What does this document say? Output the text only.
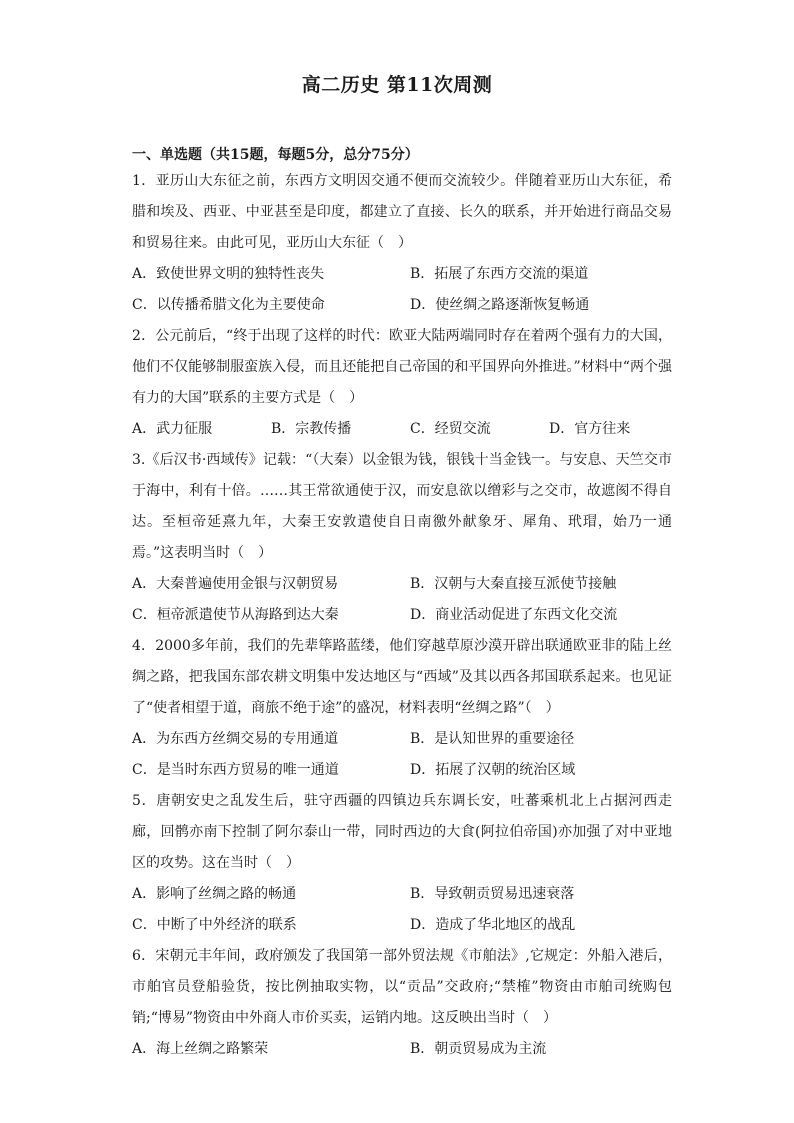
高二历史 第11次周测
一、单选题（共15题，每题5分，总分75分）

1．亚历山大东征之前，东西方文明因交通不便而交流较少。伴随着亚历山大东征，希腊和埃及、西亚、中亚甚至是印度，都建立了直接、长久的联系，并开始进行商品交易和贸易往来。由此可见，亚历山大东征（　）

A．致使世界文明的独特性丧失	B．拓展了东西方交流的渠道
C．以传播希腊文化为主要使命	D．使丝绸之路逐渐恢复畅通

2．公元前后，“终于出现了这样的时代：欧亚大陆两端同时存在着两个强有力的大国，他们不仅能够制服蛮族入侵，而且还能把自己帝国的和平国界向外推进。”材料中“两个强有力的大国”联系的主要方式是（　）

A．武力征服	B．宗教传播	C．经贸交流	D．官方往来

3.《后汉书·西域传》记载：“（大秦）以金银为钱，银钱十当金钱一。与安息、天竺交市于海中，利有十倍。……其王常欲通使于汉，而安息欲以缯彩与之交市，故遮阂不得自达。至桓帝延熹九年，大秦王安敦遣使自日南徼外献象牙、犀角、玳瑁，始乃一通焉。”这表明当时（　）

A．大秦普遍使用金银与汉朝贸易	B．汉朝与大秦直接互派使节接触
C．桓帝派遣使节从海路到达大秦	D．商业活动促进了东西文化交流

4．2000多年前，我们的先辈筚路蓝缕，他们穿越草原沙漠开辟出联通欧亚非的陆上丝绸之路，把我国东部农耕文明集中发达地区与“西域”及其以西各邦国联系起来。也见证了“使者相望于道，商旅不绝于途”的盛况，材料表明“丝绸之路”（　）

A．为东西方丝绸交易的专用通道	B．是认知世界的重要途径
C．是当时东西方贸易的唯一通道	D．拓展了汉朝的统治区域

5．唐朝安史之乱发生后，驻守西疆的四镇边兵东调长安，吐蕃乘机北上占据河西走廊，回鹘亦南下控制了阿尔泰山一带，同时西边的大食(阿拉伯帝国)亦加强了对中亚地区的攻势。这在当时（　）

A．影响了丝绸之路的畅通	B．导致朝贡贸易迅速衰落
C．中断了中外经济的联系	D．造成了华北地区的战乱

6．宋朝元丰年间，政府颁发了我国第一部外贸法规《市舶法》,它规定：外船入港后，市舶官员登船验货，按比例抽取实物，以“贡品”交政府;“禁榷”物资由市舶司统购包销;“博易”物资由中外商人市价买卖，运销内地。这反映出当时（　）

A．海上丝绸之路繁荣	B．朝贡贸易成为主流
